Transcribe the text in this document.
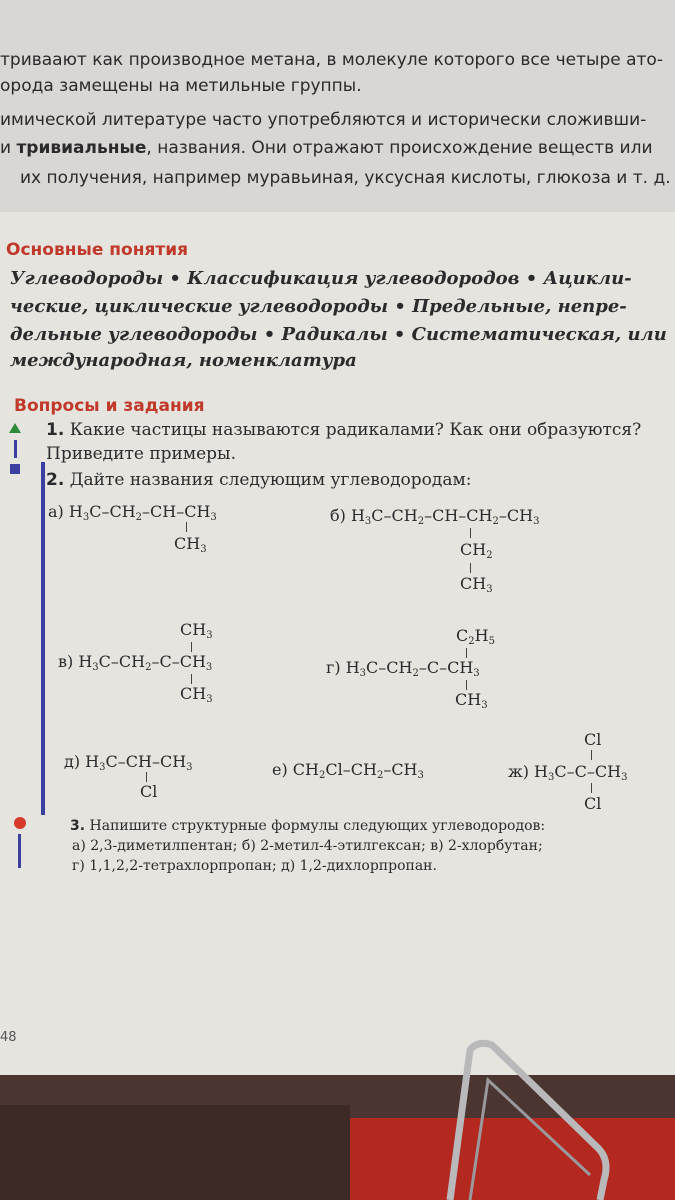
триваают как производное метана, в молекуле которого все четыре ато-
орода замещены на метильные группы.
имической литературе часто употребляются и исторически сложивши-
и тривиальные, названия. Они отражают происхождение веществ или
их получения, например муравьиная, уксусная кислоты, глюкоза и т. д.
Основные понятия
Углеводороды • Классификация углеводородов • Ацикли-
ческие, циклические углеводороды • Предельные, непре-
дельные углеводороды • Радикалы • Систематическая, или
международная, номенклатура
Вопросы и задания
1. Какие частицы называются радикалами? Как они образуются?
Приведите примеры.
2. Дайте названия следующим углеводородам:
а) $H_3C-CH_2-CH-CH_3$
$CH_3$
б) $H_3C-CH_2-CH-CH_2-CH_3$
$CH_2$
$CH_3$
$CH_3$
в) $H_3C-CH_2-C-CH_3$
$CH_3$
$C_2H_5$
г) $H_3C-CH_2-C-CH_3$
$CH_3$
д) $H_3C-CH-CH_3$
Cl
е) $CH_2Cl-CH_2-CH_3$
Cl
ж) $H_3C-C-CH_3$
Cl
3. Напишите структурные формулы следующих углеводородов:
а) 2,3-диметилпентан; б) 2-метил-4-этилгексан; в) 2-хлорбутан;
г) 1,1,2,2-тетрахлорпропан; д) 1,2-дихлорпропан.
48
